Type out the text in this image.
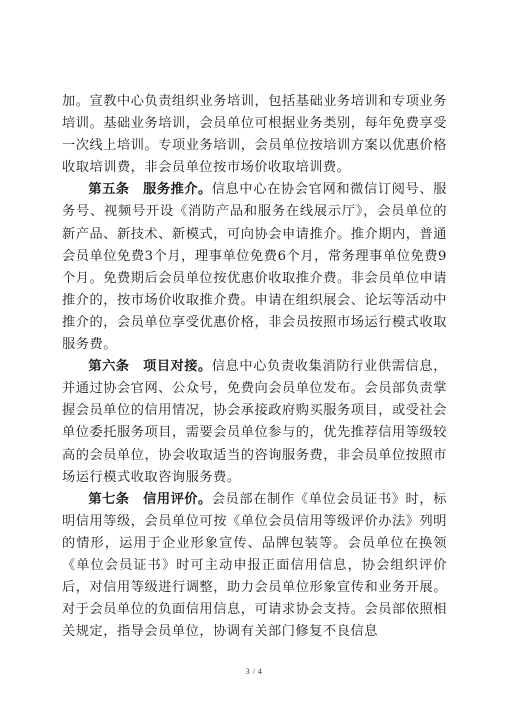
加。宣教中心负责组织业务培训，包括基础业务培训和专项业务培训。基础业务培训，会员单位可根据业务类别，每年免费享受一次线上培训。专项业务培训，会员单位按培训方案以优惠价格收取培训费，非会员单位按市场价收取培训费。

第五条　服务推介。信息中心在协会官网和微信订阅号、服务号、视频号开设《消防产品和服务在线展示厅》，会员单位的新产品、新技术、新模式，可向协会申请推介。推介期内，普通会员单位免费3个月，理事单位免费6个月，常务理事单位免费9个月。免费期后会员单位按优惠价收取推介费。非会员单位申请推介的，按市场价收取推介费。申请在组织展会、论坛等活动中推介的，会员单位享受优惠价格，非会员按照市场运行模式收取服务费。

第六条　项目对接。信息中心负责收集消防行业供需信息，并通过协会官网、公众号，免费向会员单位发布。会员部负责掌握会员单位的信用情况，协会承接政府购买服务项目，或受社会单位委托服务项目，需要会员单位参与的，优先推荐信用等级较高的会员单位，协会收取适当的咨询服务费，非会员单位按照市场运行模式收取咨询服务费。

第七条　信用评价。会员部在制作《单位会员证书》时，标明信用等级，会员单位可按《单位会员信用等级评价办法》列明的情形，运用于企业形象宣传、品牌包装等。会员单位在换领《单位会员证书》时可主动申报正面信用信息，协会组织评价后，对信用等级进行调整，助力会员单位形象宣传和业务开展。对于会员单位的负面信用信息，可请求协会支持。会员部依照相关规定，指导会员单位，协调有关部门修复不良信息

3 / 4
